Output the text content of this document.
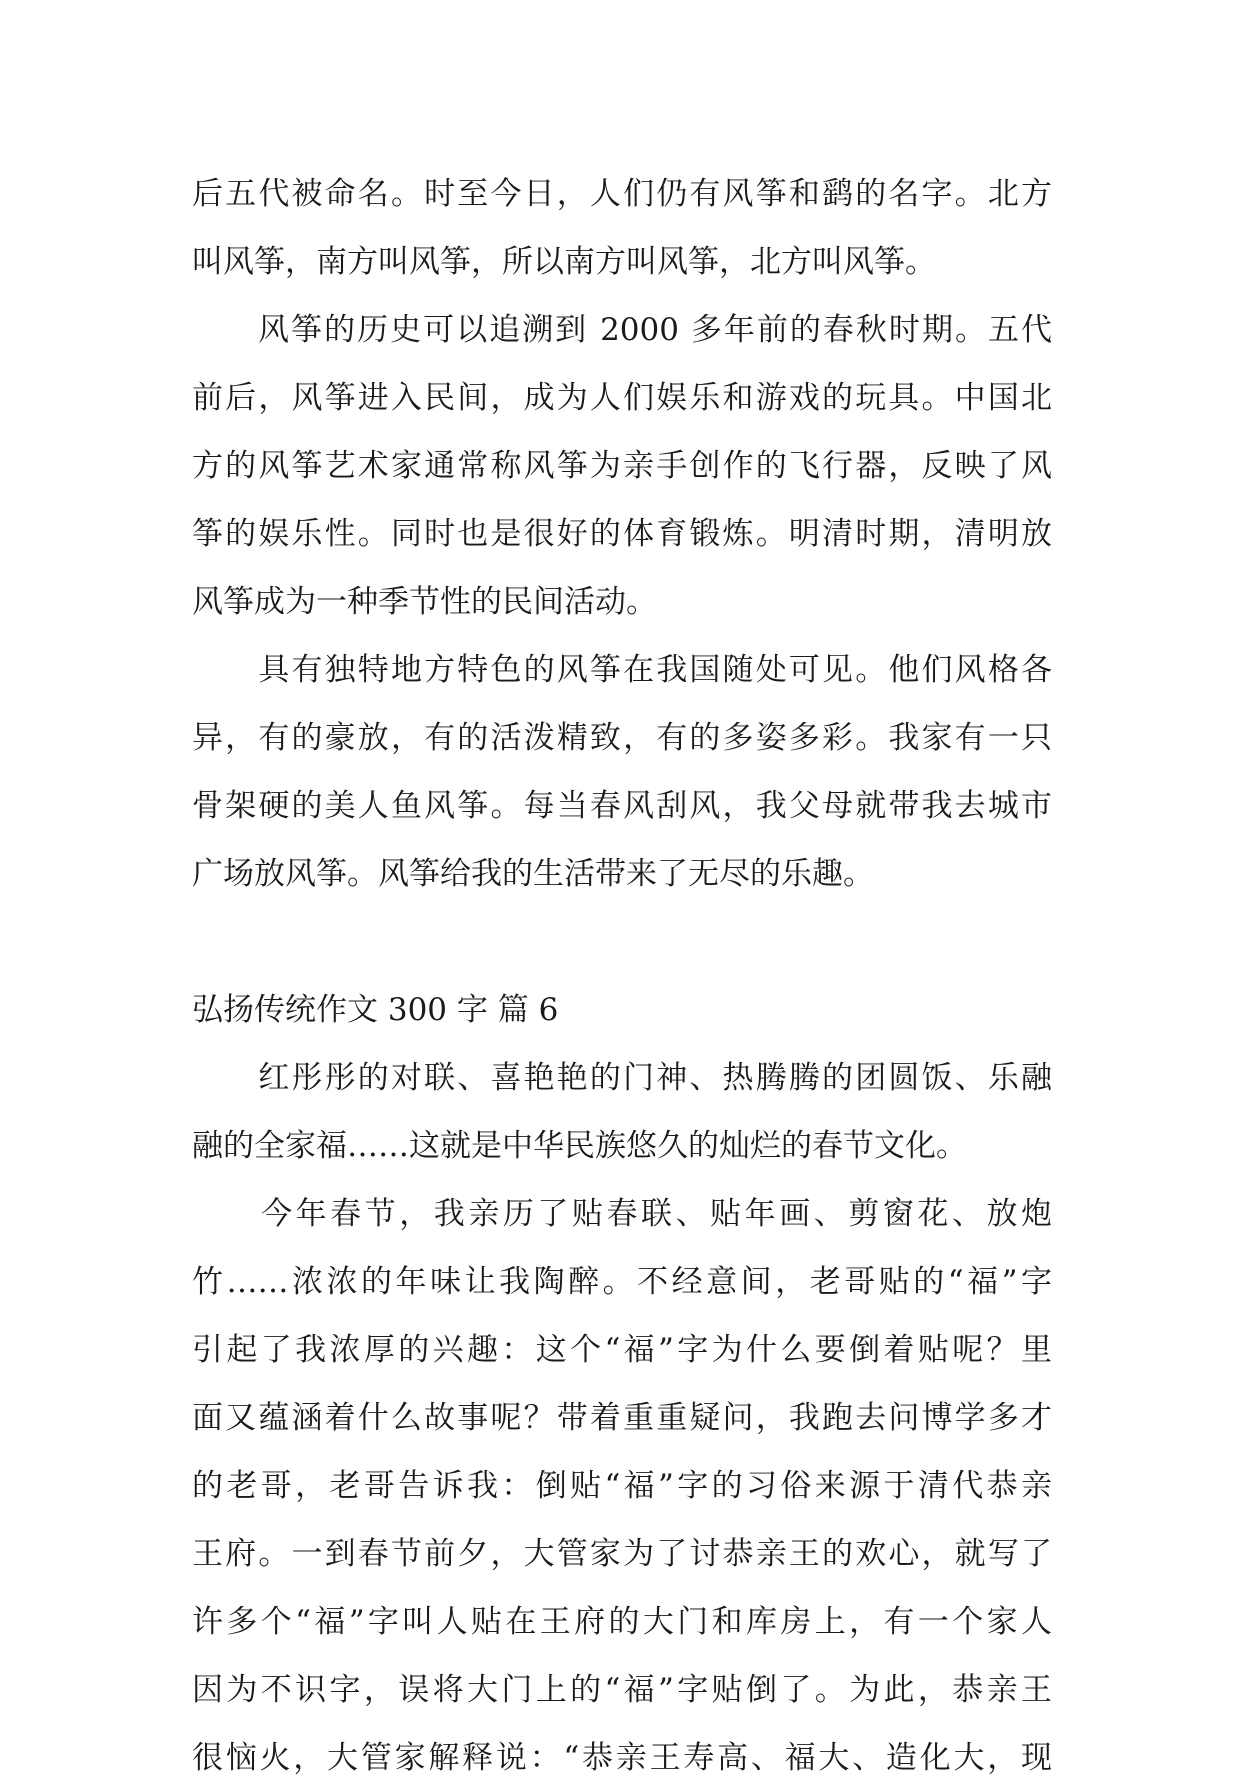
后五代被命名。时至今日，人们仍有风筝和鹞的名字。北方
叫风筝，南方叫风筝，所以南方叫风筝，北方叫风筝。
　　风筝的历史可以追溯到 2000 多年前的春秋时期。五代
前后，风筝进入民间，成为人们娱乐和游戏的玩具。中国北
方的风筝艺术家通常称风筝为亲手创作的飞行器，反映了风
筝的娱乐性。同时也是很好的体育锻炼。明清时期，清明放
风筝成为一种季节性的民间活动。
　　具有独特地方特色的风筝在我国随处可见。他们风格各
异，有的豪放，有的活泼精致，有的多姿多彩。我家有一只
骨架硬的美人鱼风筝。每当春风刮风，我父母就带我去城市
广场放风筝。风筝给我的生活带来了无尽的乐趣。
弘扬传统作文 300 字 篇 6
　　红彤彤的对联、喜艳艳的门神、热腾腾的团圆饭、乐融
融的全家福……这就是中华民族悠久的灿烂的春节文化。
　　今年春节，我亲历了贴春联、贴年画、剪窗花、放炮
竹……浓浓的年味让我陶醉。不经意间，老哥贴的“福”字
引起了我浓厚的兴趣：这个“福”字为什么要倒着贴呢？里
面又蕴涵着什么故事呢？带着重重疑问，我跑去问博学多才
的老哥，老哥告诉我：倒贴“福”字的习俗来源于清代恭亲
王府。一到春节前夕，大管家为了讨恭亲王的欢心，就写了
许多个“福”字叫人贴在王府的大门和库房上，有一个家人
因为不识字，误将大门上的“福”字贴倒了。为此，恭亲王
很恼火，大管家解释说：“恭亲王寿高、福大、造化大，现
